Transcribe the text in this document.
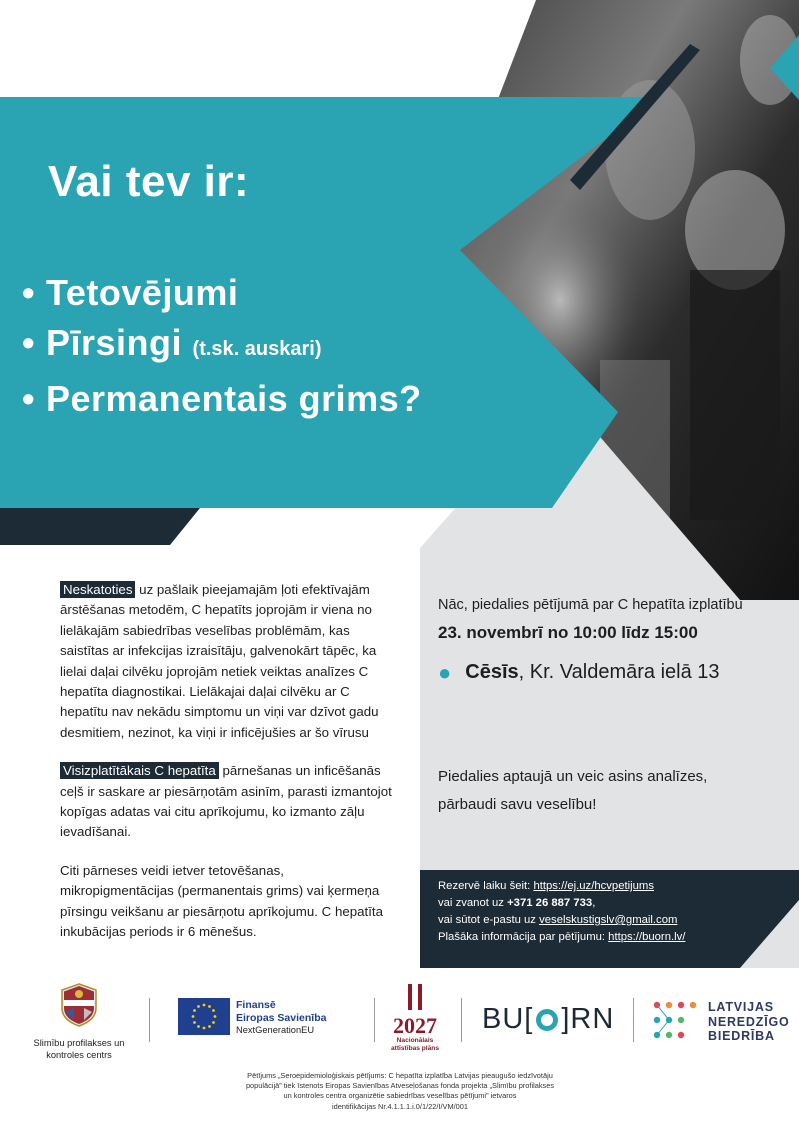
Vai tev ir:
• Tetovējumi
• Pīrsingi (t.sk. auskari)
• Permanentais grims?

Neskatoties uz pašlaik pieejamajām ļoti efektīvajām ārstēšanas metodēm, C hepatīts joprojām ir viena no lielākajām sabiedrības veselības problēmām, kas saistītas ar infekcijas izraisītāju, galvenokārt tāpēc, ka lielai daļai cilvēku joprojām netiek veiktas analīzes C hepatīta diagnostikai. Lielākajai daļai cilvēku ar C hepatītu nav nekādu simptomu un viņi var dzīvot gadu desmitiem, nezinot, ka viņi ir inficējušies ar šo vīrusu

Visizplatītākais C hepatīta pārnešanas un inficēšanās ceļš ir saskare ar piesārņotām asinīm, parasti izmantojot kopīgas adatas vai citu aprīkojumu, ko izmanto zāļu ievadīšanai.

Citi pārneses veidi ietver tetovēšanas, mikropigmentācijas (permanentais grims) vai ķermeņa pīrsingu veikšanu ar piesārņotu aprīkojumu. C hepatīta inkubācijas periods ir 6 mēnešus.

Nāc, piedalies pētījumā par C hepatīta izplatību

23. novembrī no 10:00 līdz 15:00

● Cēsīs, Kr. Valdemāra ielā 13

Piedalies aptaujā un veic asins analīzes,
pārbaudi savu veselību!

Rezervē laiku šeit: https://ej.uz/hcvpetijums
vai zvanot uz +371 26 887 733,
vai sūtot e-pastu uz veselskustigslv@gmail.com
Plašāka informācija par pētījumu: https://buorn.lv/
Slimību profilakses un
kontroles centrs
Finansē
Eiropas Savienība
NextGenerationEU	2027
Nacionālais
attīstības plāns
BU [ ] RN	LATVIJAS
NEREDZĪGO
BIEDRĪBA
Pētījums „Seroepidemioloģiskais pētījums: C hepatīta izplatība Latvijas pieaugušo iedzīvotāju
populācijā” tiek īstenots Eiropas Savienības Atveseļošanas fonda projekta „Slimību profilakses
un kontroles centra organizētie sabiedrības veselības pētījumi” ietvaros
identifikācijas Nr.4.1.1.1.i.0/1/22/I/VM/001
